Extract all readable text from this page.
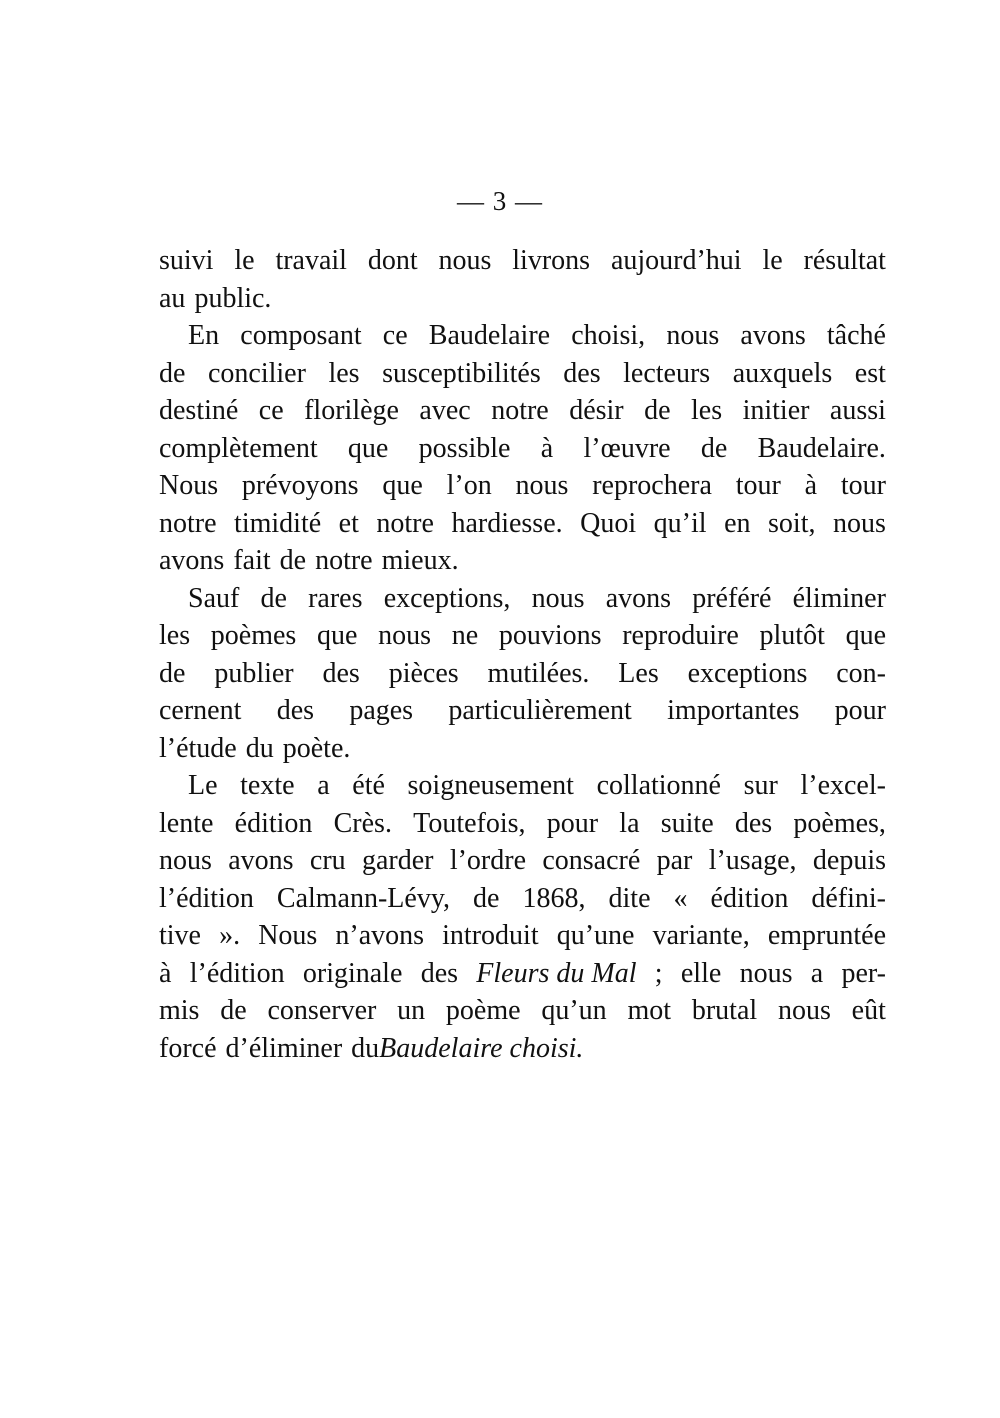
— 3 —
suivi le travail dont nous livrons aujourd’hui le résultat
au public.
En composant ce Baudelaire choisi, nous avons tâché
de concilier les susceptibilités des lecteurs auxquels est
destiné ce florilège avec notre désir de les initier aussi
complètement que possible à l’œuvre de Baudelaire.
Nous prévoyons que l’on nous reprochera tour à tour
notre timidité et notre hardiesse. Quoi qu’il en soit, nous
avons fait de notre mieux.
Sauf de rares exceptions, nous avons préféré éliminer
les poèmes que nous ne pouvions reproduire plutôt que
de publier des pièces mutilées. Les exceptions con-
cernent des pages particulièrement importantes pour
l’étude du poète.
Le texte a été soigneusement collationné sur l’excel-
lente édition Crès. Toutefois, pour la suite des poèmes,
nous avons cru garder l’ordre consacré par l’usage, depuis
l’édition Calmann-Lévy, de 1868, dite « édition défini-
tive ». Nous n’avons introduit qu’une variante, empruntée
à l’édition originale des Fleurs du Mal ; elle nous a per-
mis de conserver un poème qu’un mot brutal nous eût
forcé d’éliminer du Baudelaire choisi.
